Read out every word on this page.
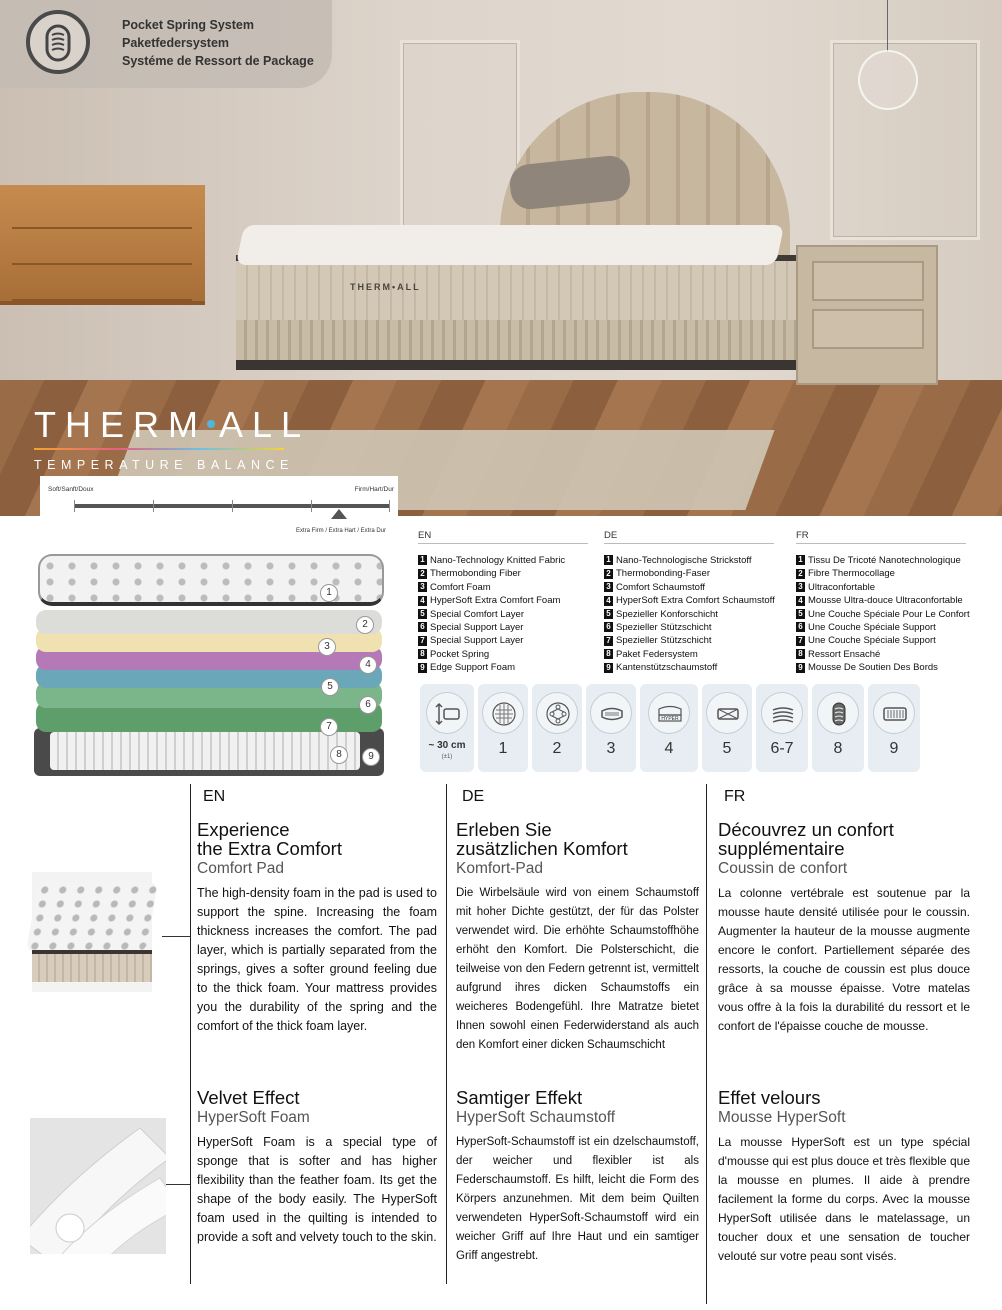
THERM•ALL
Pocket Spring System
Paketfedersystem
Systéme de Ressort de Package
THERM ALL
TEMPERATURE BALANCE
Soft/Sanft/Doux	Firm/Hart/Dur
Extra Firm / Extra Hart / Extra Dur
1
2
3
4
5
6
7
8	9
EN
1 Nano-Technology Knitted Fabric
2 Thermobonding Fiber
3 Comfort Foam
4 HyperSoft Extra Comfort Foam
5 Special Comfort Layer
6 Special Support Layer
7 Special Support Layer
8 Pocket Spring
9 Edge Support Foam
DE
1 Nano-Technologische Strickstoff
2 Thermobonding-Faser
3 Comfort Schaumstoff
4 HyperSoft Extra Comfort Schaumstoff
5 Spezieller Konforschicht
6 Spezieller Stützschicht
7 Spezieller Stützschicht
8 Paket Federsystem
9 Kantenstützschaumstoff
FR
1 Tissu De Tricoté Nanotechnologique
2 Fibre Thermocollage
3 Ultraconfortable
4 Mousse Ultra-douce Ultraconfortable
5 Une Couche Spéciale Pour Le Confort
6 Une Couche Spéciale Support
7 Une Couche Spéciale Support
8 Ressort Ensaché
9 Mousse De Soutien Des Bords
~ 30 cm
(±1)	1	2	3
HYPER
4	5	6-7	8	9
EN
Experience
the Extra Comfort
Comfort Pad

The high-density foam in the pad is used to support the spine. Increasing the foam thickness increases the comfort. The pad layer, which is partially separated from the springs, gives a softer ground feeling due to the thick foam. Your mattress provides you the durability of the spring and the comfort of the thick foam layer.

Velvet Effect
HyperSoft Foam

HyperSoft Foam is a special type of sponge that is softer and has higher flexibility than the feather foam. Its get the shape of the body easily. The HyperSoft foam used in the quilting is intended to provide a soft and velvety touch to the skin.

DE
Erleben Sie
zusätzlichen Komfort
Komfort-Pad

Die Wirbelsäule wird von einem Schaumstoff mit hoher Dichte gestützt, der für das Polster verwendet wird. Die erhöhte Schaumstoffhöhe erhöht den Komfort. Die Polsterschicht, die teilweise von den Federn getrennt ist, vermittelt aufgrund ihres dicken Schaumstoffs ein weicheres Bodengefühl. Ihre Matratze bietet Ihnen sowohl einen Federwiderstand als auch den Komfort einer dicken Schaumschicht

Samtiger Effekt
HyperSoft Schaumstoff

HyperSoft-Schaumstoff ist ein dzelschaumstoff, der weicher und flexibler ist als Federschaumstoff. Es hilft, leicht die Form des Körpers anzunehmen. Mit dem beim Quilten verwendeten HyperSoft-Schaumstoff wird ein weicher Griff auf Ihre Haut und ein samtiger Griff angestrebt.

FR
Découvrez un confort
supplémentaire
Coussin de confort

La colonne vertébrale est soutenue par la mousse haute densité utilisée pour le coussin. Augmenter la hauteur de la mousse augmente encore le confort. Partiellement séparée des ressorts, la couche de coussin est plus douce grâce à sa mousse épaisse. Votre matelas vous offre à la fois la durabilité du ressort et le confort de l'épaisse couche de mousse.

Effet velours
Mousse HyperSoft

La mousse HyperSoft est un type spécial d'mousse qui est plus douce et très flexible que la mousse en plumes. Il aide à prendre facilement la forme du corps. Avec la mousse HyperSoft utilisée dans le matelassage, un toucher doux et une sensation de toucher velouté sur votre peau sont visés.
